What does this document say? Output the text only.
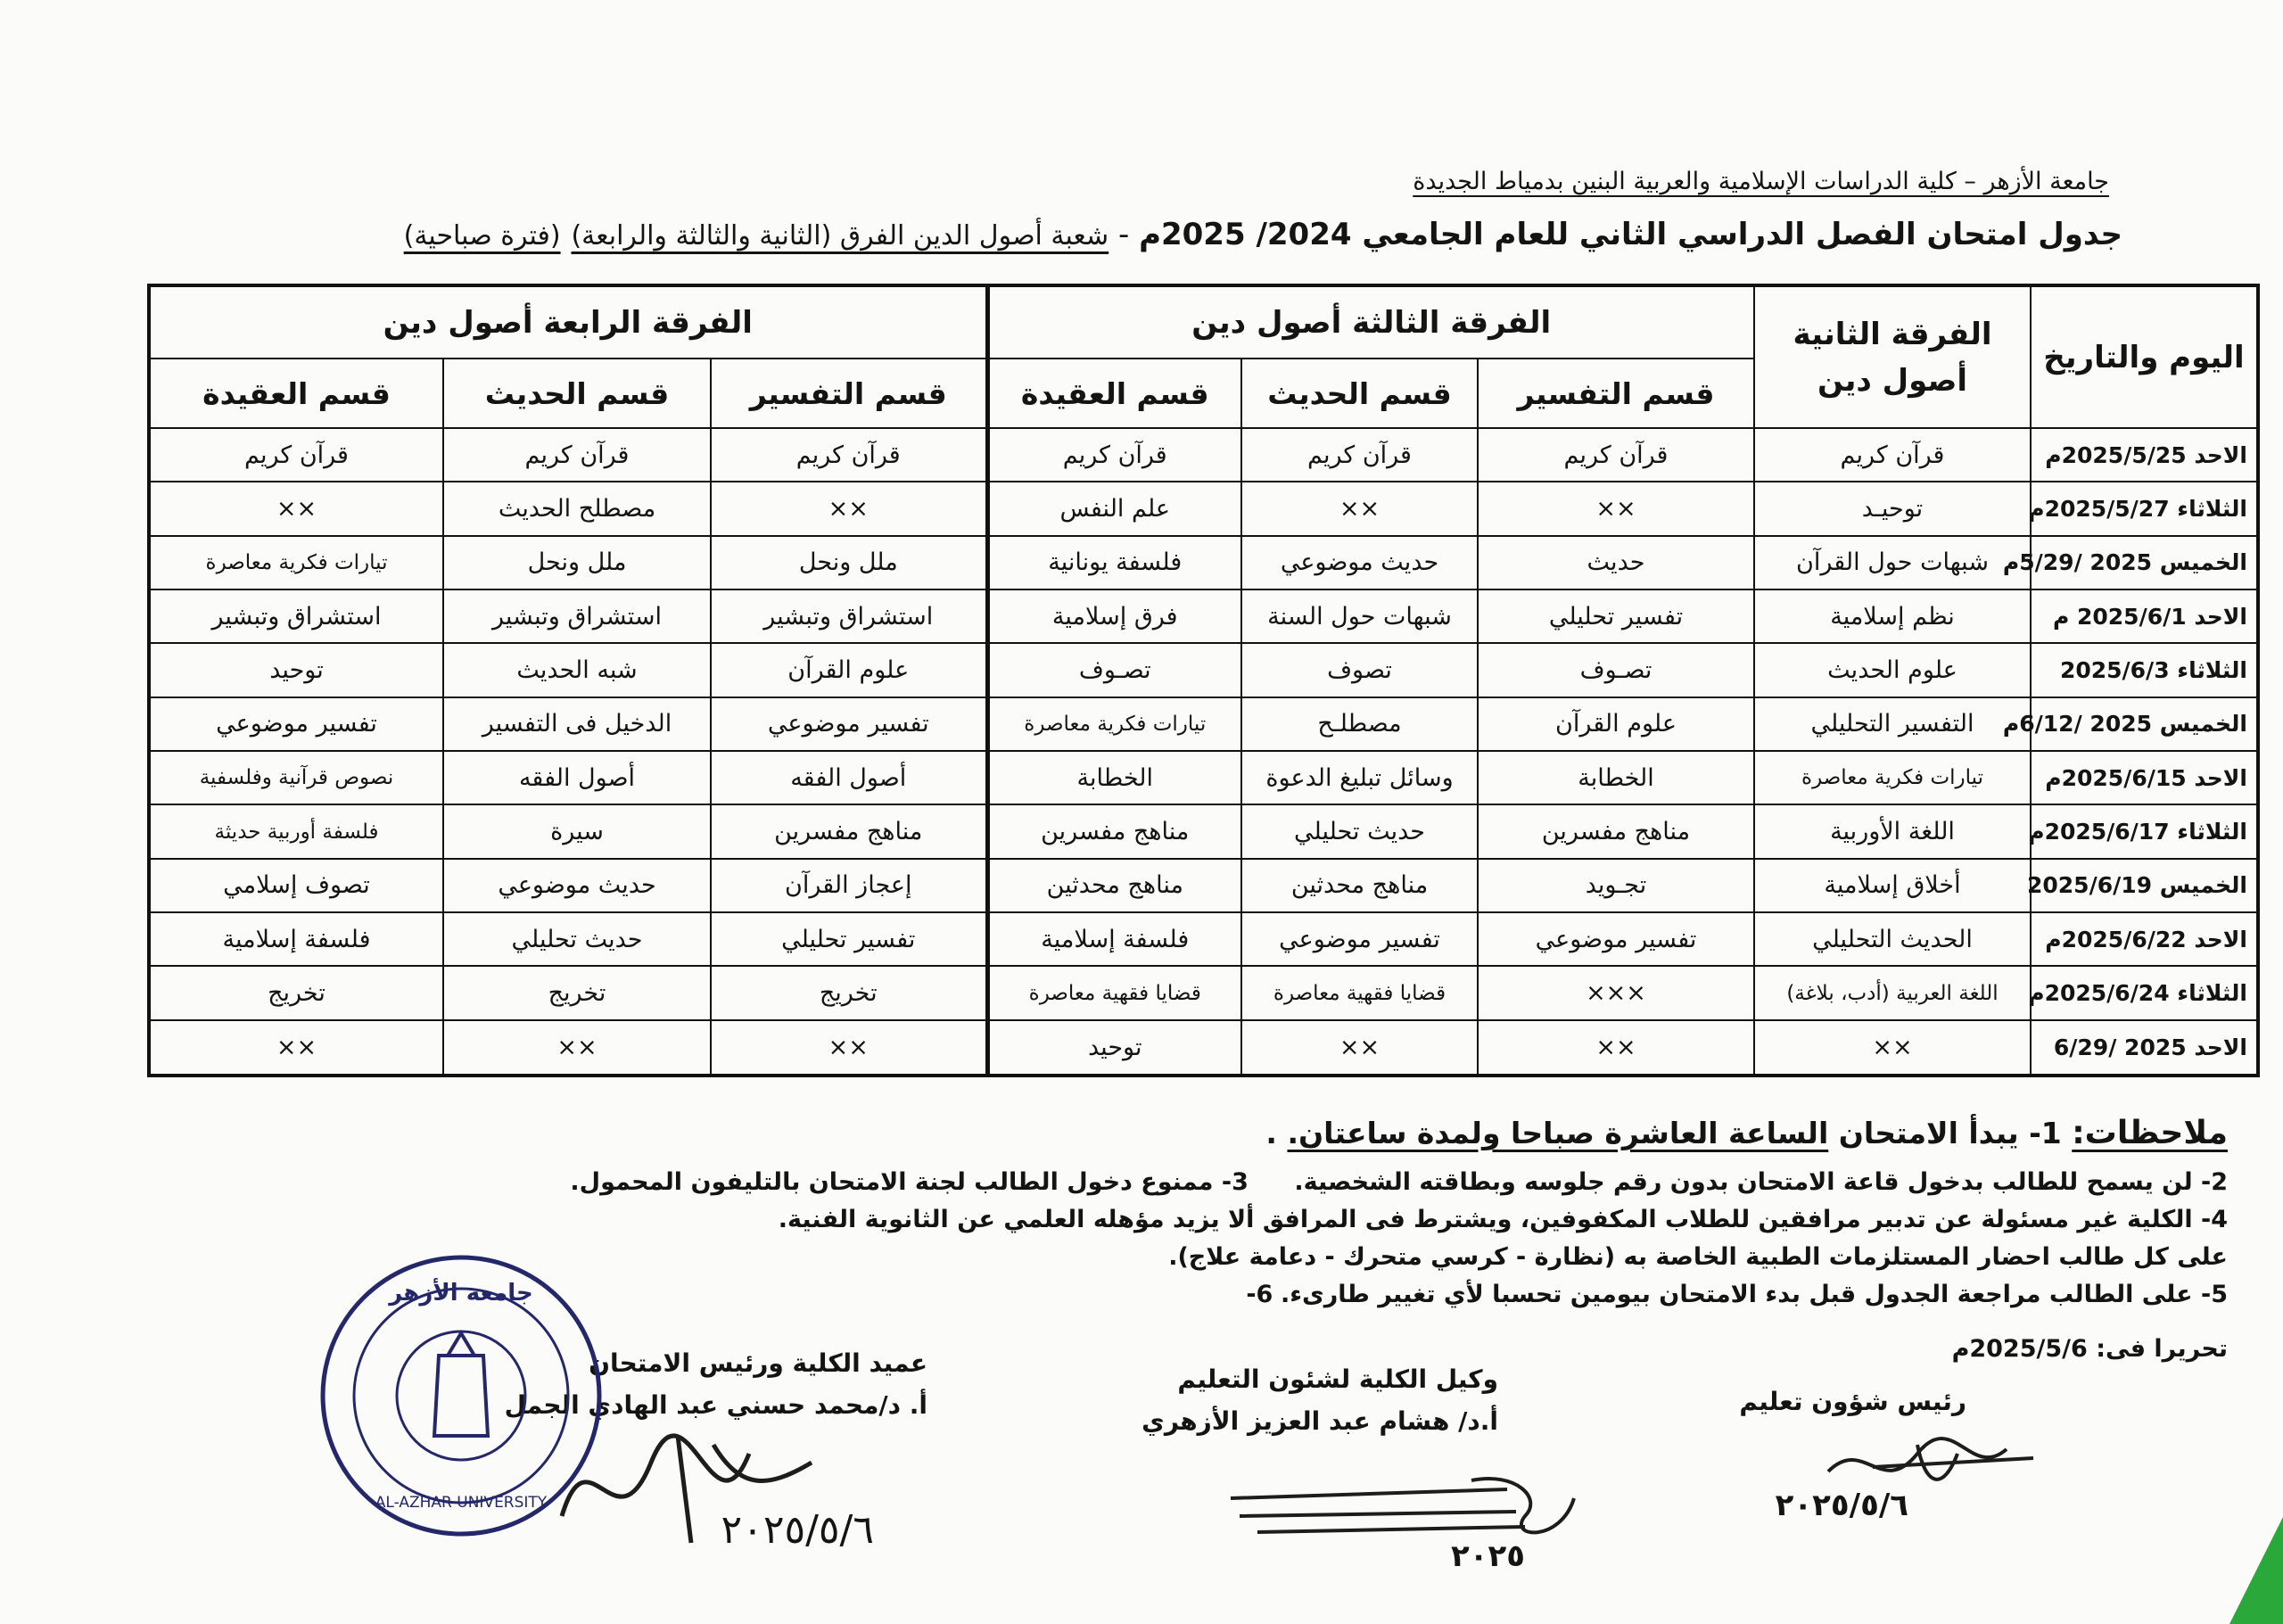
جامعة الأزهر – كلية الدراسات الإسلامية والعربية البنين بدمياط الجديدة
جدول امتحان الفصل الدراسي الثاني للعام الجامعي 2024/ 2025م - شعبة أصول الدين الفرق (الثانية والثالثة والرابعة) (فترة صباحية)
اليوم والتاريخ	الفرقة الثانية أصول دين	الفرقة الثالثة أصول دين			الفرقة الرابعة أصول دين		
		قسم التفسير	قسم الحديث	قسم العقيدة	قسم التفسير	قسم الحديث	قسم العقيدة
الاحد 2025/5/25م	قرآن كريم	قرآن كريم	قرآن كريم	قرآن كريم	قرآن كريم	قرآن كريم	قرآن كريم
الثلاثاء 2025/5/27م	توحيـد	××	××	علم النفس	××	مصطلح الحديث	××
الخميس 2025 /5/29م	شبهات حول القرآن	حديث	حديث موضوعي	فلسفة يونانية	ملل ونحل	ملل ونحل	تيارات فكرية معاصرة
الاحد 2025/6/1 م	نظم إسلامية	تفسير تحليلي	شبهات حول السنة	فرق إسلامية	استشراق وتبشير	استشراق وتبشير	استشراق وتبشير
الثلاثاء 2025/6/3	علوم الحديث	تصـوف	تصوف	تصـوف	علوم القرآن	شبه الحديث	توحيد
الخميس 2025 /6/12م	التفسير التحليلي	علوم القرآن	مصطلـح	تيارات فكرية معاصرة	تفسير موضوعي	الدخيل فى التفسير	تفسير موضوعي
الاحد 2025/6/15م	تيارات فكرية معاصرة	الخطابة	وسائل تبليغ الدعوة	الخطابة	أصول الفقه	أصول الفقه	نصوص قرآنية وفلسفية
الثلاثاء 2025/6/17م	اللغة الأوربية	مناهج مفسرين	حديث تحليلي	مناهج مفسرين	مناهج مفسرين	سيرة	فلسفة أوربية حديثة
الخميس 2025/6/19	أخلاق إسلامية	تجـويد	مناهج محدثين	مناهج محدثين	إعجاز القرآن	حديث موضوعي	تصوف إسلامي
الاحد 2025/6/22م	الحديث التحليلي	تفسير موضوعي	تفسير موضوعي	فلسفة إسلامية	تفسير تحليلي	حديث تحليلي	فلسفة إسلامية
الثلاثاء 2025/6/24م	اللغة العربية (أدب، بلاغة)	×××	قضايا فقهية معاصرة	قضايا فقهية معاصرة	تخريج	تخريج	تخريج
الاحد 2025 /6/29	××	××	××	توحيد	××	××	××
ملاحظات: 1- يبدأ الامتحان الساعة العاشرة صباحا ولمدة ساعتان. .
2- لن يسمح للطالب بدخول قاعة الامتحان بدون رقم جلوسه وبطاقته الشخصية.      3- ممنوع دخول الطالب لجنة الامتحان بالتليفون المحمول.
4- الكلية غير مسئولة عن تدبير مرافقين للطلاب المكفوفين، ويشترط فى المرافق ألا يزيد مؤهله العلمي عن الثانوية الفنية.
على كل طالب احضار المستلزمات الطبية الخاصة به (نظارة - كرسي متحرك - دعامة علاج).
5- على الطالب مراجعة الجدول قبل بدء الامتحان بيومين تحسبا لأي تغيير طارىء. 6-
تحريرا فى: 2025/5/6م
رئيس شؤون تعليم
٢٠٢٥/٥/٦
وكيل الكلية لشئون التعليم
أ.د/ هشام عبد العزيز الأزهري
٢٠٢٥
عميد الكلية ورئيس الامتحان
أ. د/محمد حسني عبد الهادي الجمل
٢٠٢٥/٥/٦
جامعة الأزهر
AL-AZHAR UNIVERSITY
